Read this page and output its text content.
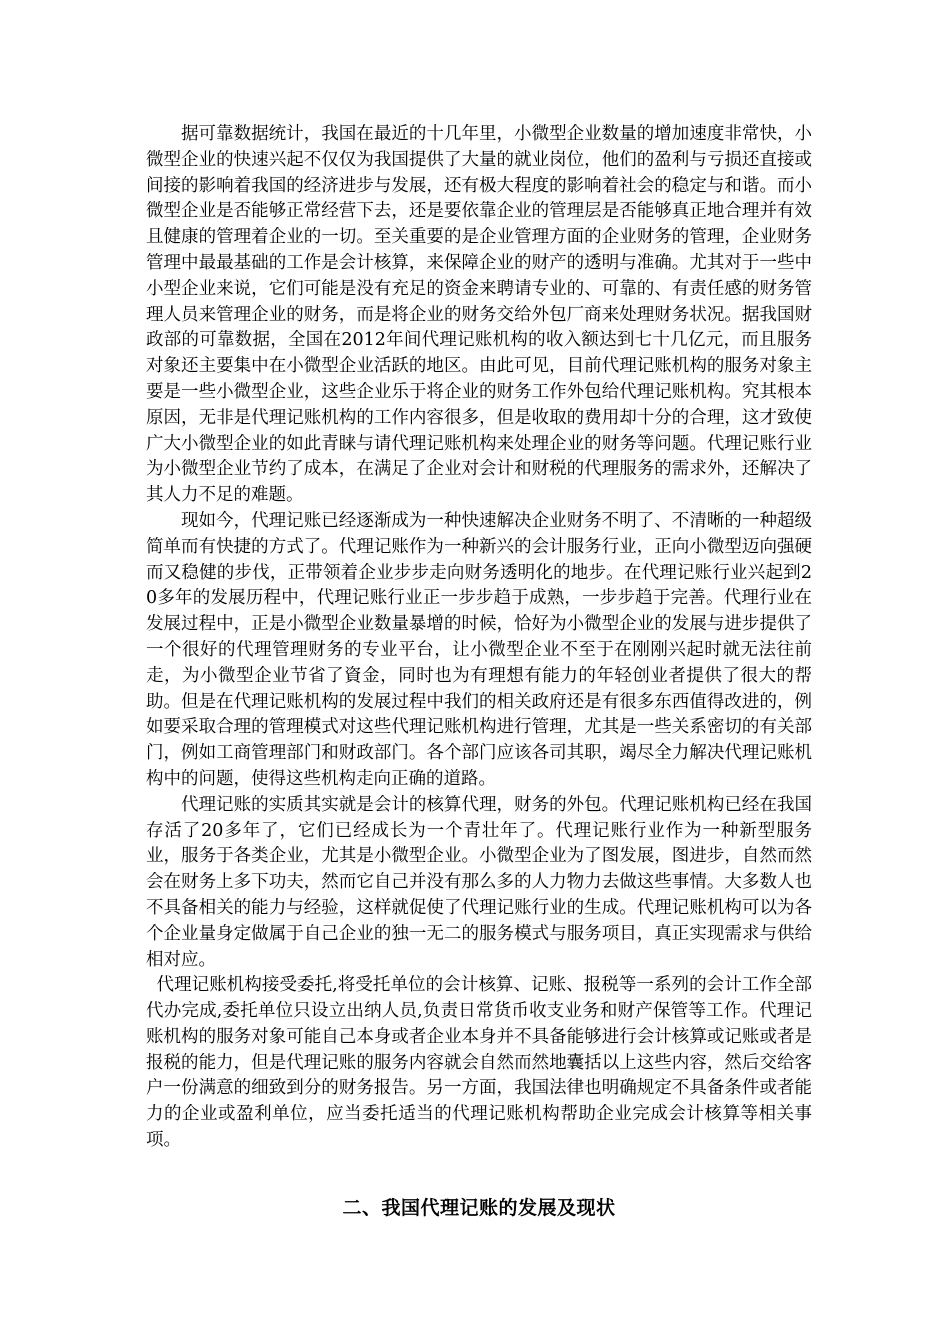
据可靠数据统计，我国在最近的十几年里，小微型企业数量的增加速度非常快，小微型企业的快速兴起不仅仅为我国提供了大量的就业岗位，他们的盈利与亏损还直接或间接的影响着我国的经济进步与发展，还有极大程度的影响着社会的稳定与和谐。而小微型企业是否能够正常经营下去，还是要依靠企业的管理层是否能够真正地合理并有效且健康的管理着企业的一切。至关重要的是企业管理方面的企业财务的管理，企业财务管理中最最基础的工作是会计核算，来保障企业的财产的透明与准确。尤其对于一些中小型企业来说，它们可能是没有充足的资金来聘请专业的、可靠的、有责任感的财务管理人员来管理企业的财务，而是将企业的财务交给外包厂商来处理财务状况。据我国财政部的可靠数据，全国在2012年间代理记账机构的收入额达到七十几亿元，而且服务对象还主要集中在小微型企业活跃的地区。由此可见，目前代理记账机构的服务对象主要是一些小微型企业，这些企业乐于将企业的财务工作外包给代理记账机构。究其根本原因，无非是代理记账机构的工作内容很多，但是收取的费用却十分的合理，这才致使广大小微型企业的如此青睐与请代理记账机构来处理企业的财务等问题。代理记账行业为小微型企业节约了成本，在满足了企业对会计和财税的代理服务的需求外，还解决了其人力不足的难题。

现如今，代理记账已经逐渐成为一种快速解决企业财务不明了、不清晰的一种超级简单而有快捷的方式了。代理记账作为一种新兴的会计服务行业，正向小微型迈向强硬而又稳健的步伐，正带领着企业步步走向财务透明化的地步。在代理记账行业兴起到20多年的发展历程中，代理记账行业正一步步趋于成熟，一步步趋于完善。代理行业在发展过程中，正是小微型企业数量暴增的时候，恰好为小微型企业的发展与进步提供了一个很好的代理管理财务的专业平台，让小微型企业不至于在刚刚兴起时就无法往前走，为小微型企业节省了資金，同时也为有理想有能力的年轻创业者提供了很大的帮助。但是在代理记账机构的发展过程中我们的相关政府还是有很多东西值得改进的，例如要采取合理的管理模式对这些代理记账机构进行管理，尤其是一些关系密切的有关部门，例如工商管理部门和财政部门。各个部门应该各司其职，竭尽全力解决代理记账机构中的问题，使得这些机构走向正确的道路。

代理记账的实质其实就是会计的核算代理，财务的外包。代理记账机构已经在我国存活了20多年了，它们已经成长为一个青壮年了。代理记账行业作为一种新型服务业，服务于各类企业，尤其是小微型企业。小微型企业为了图发展，图进步，自然而然会在财务上多下功夫，然而它自己并没有那么多的人力物力去做这些事情。大多数人也不具备相关的能力与经验，这样就促使了代理记账行业的生成。代理记账机构可以为各个企业量身定做属于自己企业的独一无二的服务模式与服务项目，真正实现需求与供给相对应。

代理记账机构接受委托,将受托单位的会计核算、记账、报税等一系列的会计工作全部代办完成,委托单位只设立出纳人员,负责日常货币收支业务和财产保管等工作。代理记账机构的服务对象可能自己本身或者企业本身并不具备能够进行会计核算或记账或者是报税的能力，但是代理记账的服务内容就会自然而然地囊括以上这些内容，然后交给客户一份满意的细致到分的财务报告。另一方面，我国法律也明确规定不具备条件或者能力的企业或盈利单位，应当委托适当的代理记账机构帮助企业完成会计核算等相关事项。

二、我国代理记账的发展及现状
